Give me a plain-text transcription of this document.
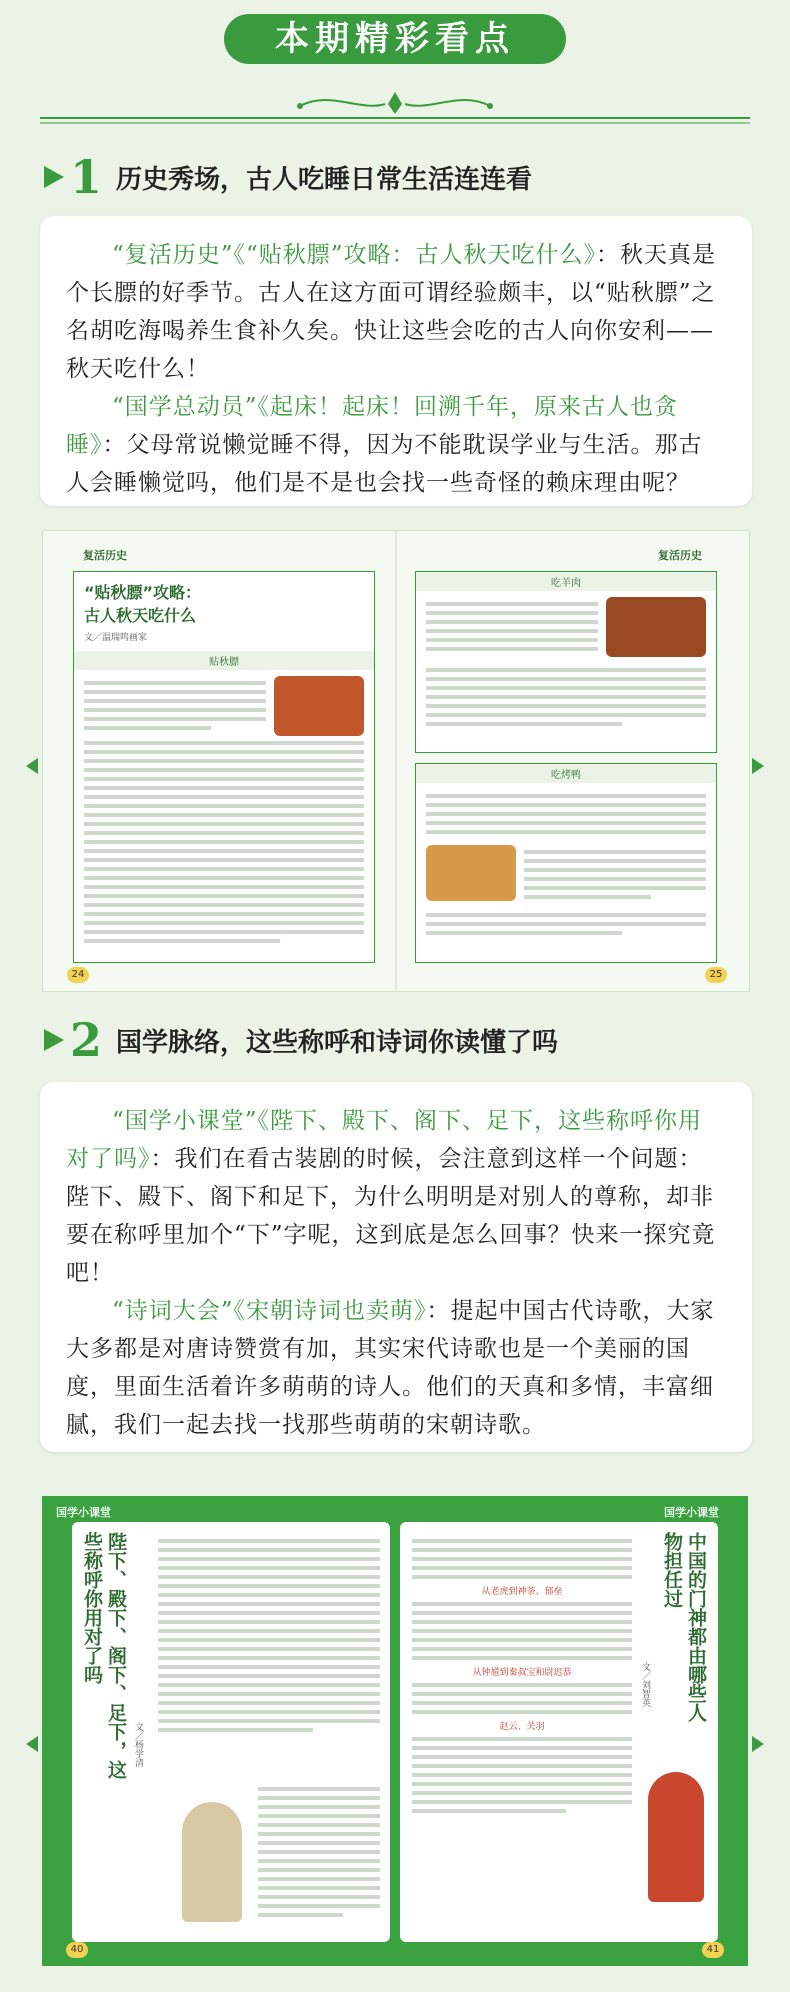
本期精彩看点
1 历史秀场，古人吃睡日常生活连连看

“复活历史”《“贴秋膘”攻略：古人秋天吃什么》：秋天真是个长膘的好季节。古人在这方面可谓经验颇丰，以“贴秋膘”之名胡吃海喝养生食补久矣。快让这些会吃的古人向你安利——秋天吃什么！

“国学总动员”《起床！起床！回溯千年，原来古人也贪睡》：父母常说懒觉睡不得，因为不能耽误学业与生活。那古人会睡懒觉吗，他们是不是也会找一些奇怪的赖床理由呢？

复活历史	复活历史
“贴秋膘”攻略：古人秋天吃什么
文／温瑞鸣画家
贴秋膘
吃羊肉
吃烤鸭
24	25
2 国学脉络，这些称呼和诗词你读懂了吗

“国学小课堂”《陛下、殿下、阁下、足下，这些称呼你用对了吗》：我们在看古装剧的时候，会注意到这样一个问题：陛下、殿下、阁下和足下，为什么明明是对别人的尊称，却非要在称呼里加个“下”字呢，这到底是怎么回事？快来一探究竟吧！

“诗词大会”《宋朝诗词也卖萌》：提起中国古代诗歌，大家大多都是对唐诗赞赏有加，其实宋代诗歌也是一个美丽的国度，里面生活着许多萌萌的诗人。他们的天真和多情，丰富细腻，我们一起去找一找那些萌萌的宋朝诗歌。

国学小课堂	国学小课堂
陛下、殿下、阁下、足下，这些称呼你用对了吗
文／杨学清
中国的门神都由哪些人物担任过
文／刘智英
从老虎到神荼、郁垒
从钟馗到秦叔宝和尉迟恭
赵云、关羽
40	41
